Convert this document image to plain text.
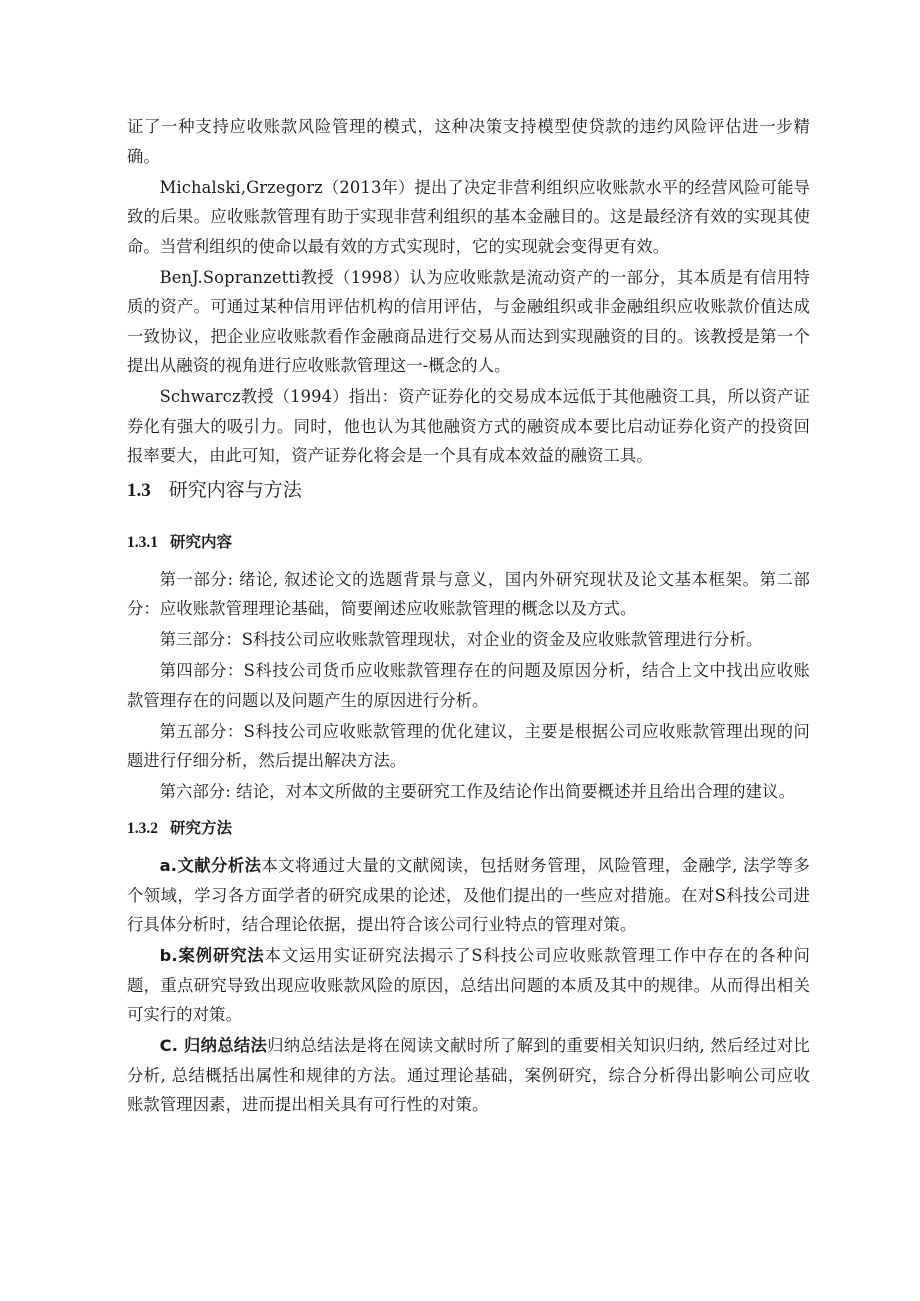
证了一种支持应收账款风险管理的模式，这种决策支持模型使贷款的违约风险评估进一步精确。

Michalski,Grzegorz（2013年）提出了决定非营利组织应收账款水平的经营风险可能导致的后果。应收账款管理有助于实现非营利组织的基本金融目的。这是最经济有效的实现其使命。当营利组织的使命以最有效的方式实现时，它的实现就会变得更有效。

BenJ.Sopranzetti教授（1998）认为应收账款是流动资产的一部分，其本质是有信用特质的资产。可通过某种信用评估机构的信用评估，与金融组织或非金融组织应收账款价值达成一致协议，把企业应收账款看作金融商品进行交易从而达到实现融资的目的。该教授是第一个提出从融资的视角进行应收账款管理这一-概念的人。

Schwarcz教授（1994）指出：资产证券化的交易成本远低于其他融资工具，所以资产证券化有强大的吸引力。同时，他也认为其他融资方式的融资成本要比启动证券化资产的投资回报率要大，由此可知，资产证券化将会是一个具有成本效益的融资工具。

1.3 研究内容与方法
1.3.1 研究内容

第一部分: 绪论, 叙述论文的选题背景与意义，国内外研究现状及论文基本框架。第二部分：应收账款管理理论基础，简要阐述应收账款管理的概念以及方式。

第三部分：S科技公司应收账款管理现状，对企业的资金及应收账款管理进行分析。

第四部分：S科技公司货币应收账款管理存在的问题及原因分析，结合上文中找出应收账款管理存在的问题以及问题产生的原因进行分析。

第五部分：S科技公司应收账款管理的优化建议，主要是根据公司应收账款管理出现的问题进行仔细分析，然后提出解决方法。

第六部分: 结论，对本文所做的主要研究工作及结论作出简要概述并且给出合理的建议。

1.3.2 研究方法

a.文献分析法本文将通过大量的文献阅读，包括财务管理，风险管理，金融学, 法学等多个领域，学习各方面学者的研究成果的论述，及他们提出的一些应对措施。在对S科技公司进行具体分析时，结合理论依据，提出符合该公司行业特点的管理对策。

b.案例研究法本文运用实证研究法揭示了S科技公司应收账款管理工作中存在的各种问题，重点研究导致出现应收账款风险的原因，总结出问题的本质及其中的规律。从而得出相关可实行的对策。

C. 归纳总结法归纳总结法是将在阅读文献时所了解到的重要相关知识归纳, 然后经过对比分析, 总结概括出属性和规律的方法。通过理论基础，案例研究，综合分析得出影响公司应收账款管理因素，进而提出相关具有可行性的对策。
